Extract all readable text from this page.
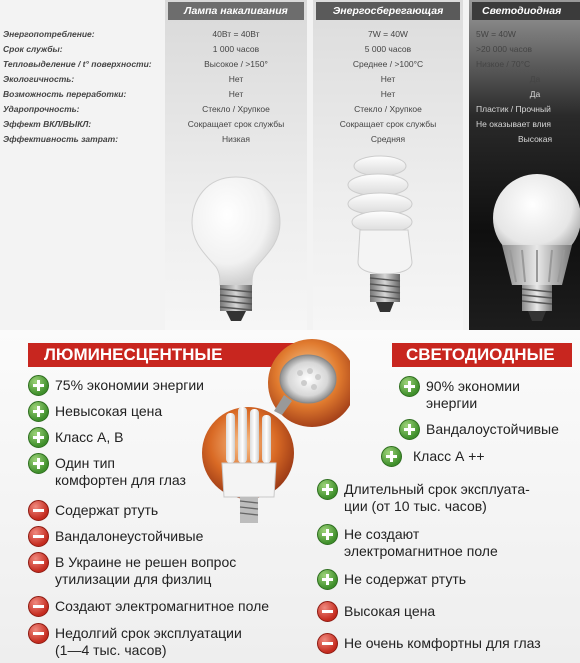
Лампа накаливания	Энергосберегающая	Светодиодная
Энергопотребление:	40Вт = 40Вт	7W = 40W	5W = 40W
Срок службы:	1 000 часов	5 000 часов	>20 000 часов
Тепловыделение / t° поверхности:	Высокое / >150°	Среднее / >100°C	Низкое / 70°C
Экологичность:	Нет	Нет	Да
Возможность переработки:	Нет	Нет	Да
Ударопрочность:	Стекло / Хрупкое	Стекло / Хрупкое	Пластик / Прочный
Эффект ВКЛ/ВЫКЛ:	Сокращает срок службы	Сокращает срок службы	Не оказывает влия
Эффективность затрат:	Низкая	Средняя	Высокая
ЛЮМИНЕСЦЕНТНЫЕ	СВЕТОДИОДНЫЕ
75% экономии энергии
Невысокая цена
Класс А, В
Один тип
комфортен для глаз
Содержат ртуть
Вандалонеустойчивые
В Украине не решен вопрос
утилизации для физлиц
Создают электромагнитное поле
Недолгий срок эксплуатации
(1—4 тыс. часов)
90% экономии
энергии
Вандалоустойчивые
Класс А ++
Длительный срок эксплуата-
ции (от 10 тыс. часов)
Не создают
электромагнитное поле
Не содержат ртуть
Высокая цена
Не очень комфортны для глаз
